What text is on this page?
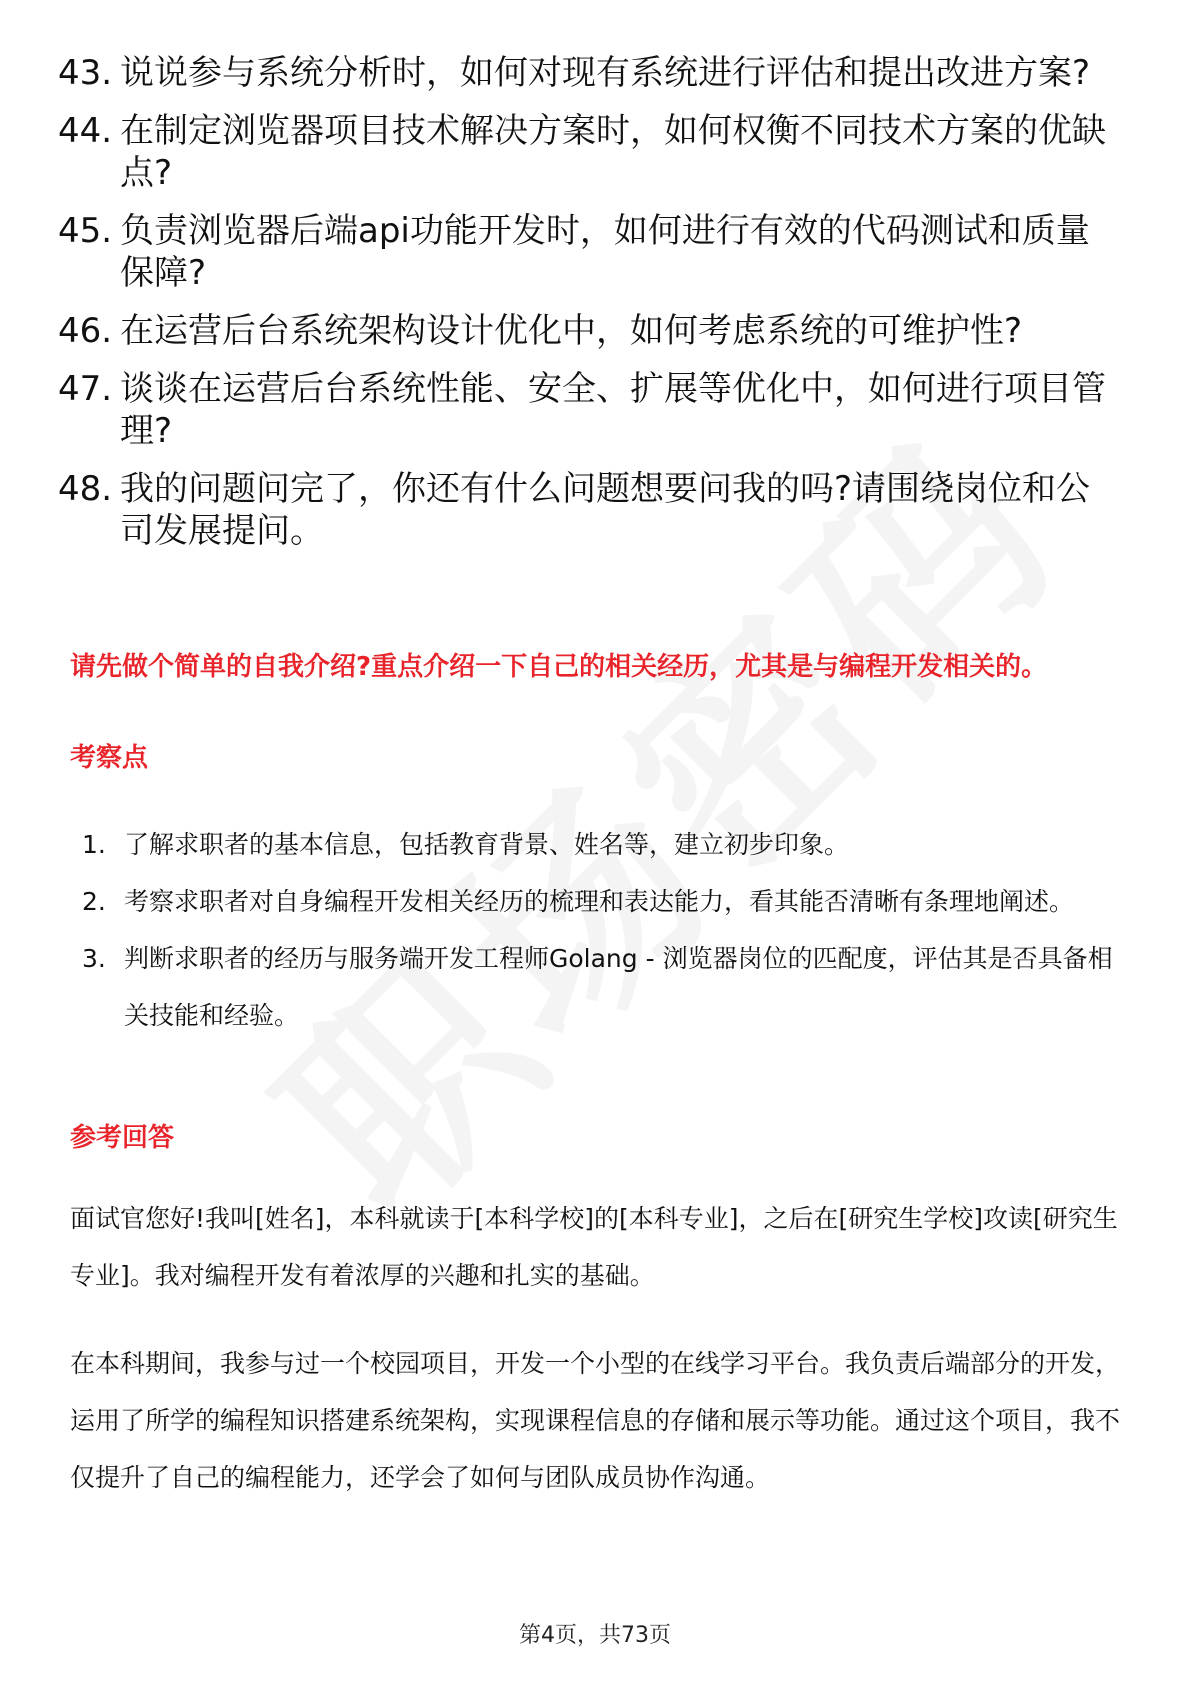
43. 说说参与系统分析时，如何对现有系统进行评估和提出改进方案?
44. 在制定浏览器项目技术解决方案时，如何权衡不同技术方案的优缺点?
45. 负责浏览器后端api功能开发时，如何进行有效的代码测试和质量保障?
46. 在运营后台系统架构设计优化中，如何考虑系统的可维护性?
47. 谈谈在运营后台系统性能、安全、扩展等优化中，如何进行项目管理?
48. 我的问题问完了，你还有什么问题想要问我的吗?请围绕岗位和公司发展提问。

请先做个简单的自我介绍?重点介绍一下自己的相关经历，尤其是与编程开发相关的。

考察点

1. 了解求职者的基本信息，包括教育背景、姓名等，建立初步印象。
2. 考察求职者对自身编程开发相关经历的梳理和表达能力，看其能否清晰有条理地阐述。
3. 判断求职者的经历与服务端开发工程师Golang - 浏览器岗位的匹配度，评估其是否具备相关技能和经验。

参考回答

面试官您好!我叫[姓名]，本科就读于[本科学校]的[本科专业]，之后在[研究生学校]攻读[研究生专业]。我对编程开发有着浓厚的兴趣和扎实的基础。

在本科期间，我参与过一个校园项目，开发一个小型的在线学习平台。我负责后端部分的开发，运用了所学的编程知识搭建系统架构，实现课程信息的存储和展示等功能。通过这个项目，我不仅提升了自己的编程能力，还学会了如何与团队成员协作沟通。

第4页，共73页
